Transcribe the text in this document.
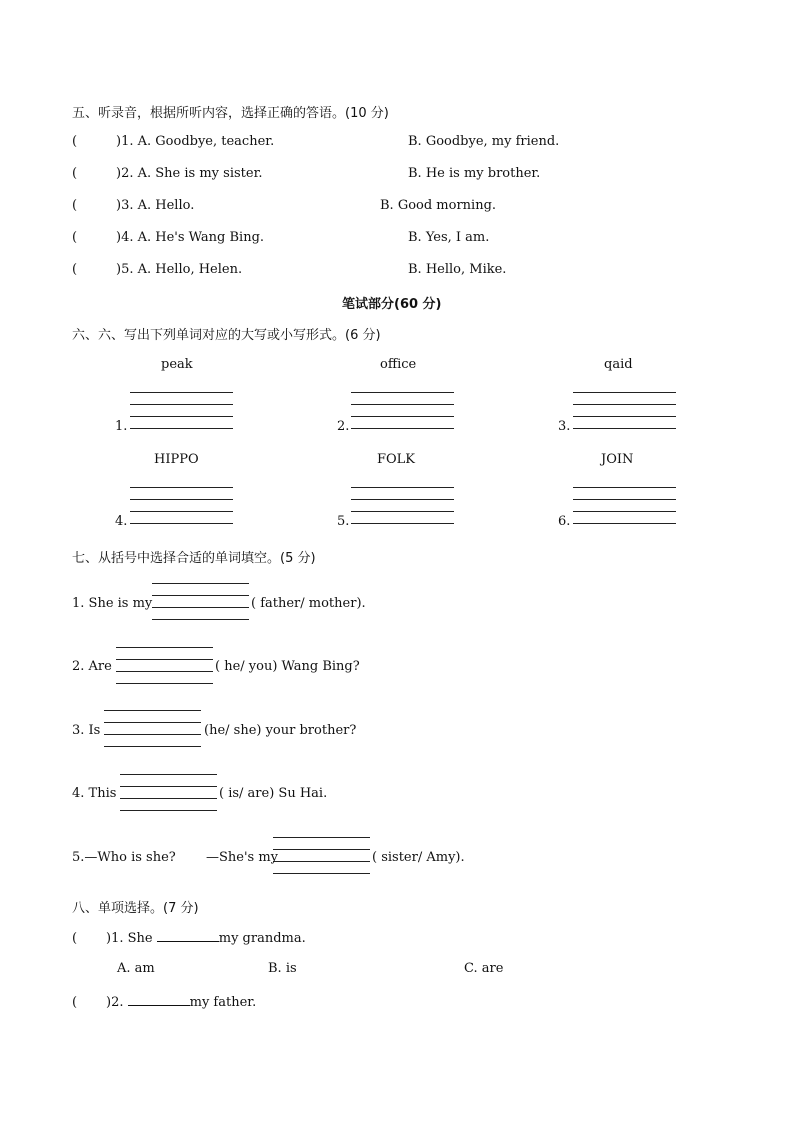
五、听录音，根据所听内容，选择正确的答语。(10 分)
(	)1. A. Goodbye, teacher.	B. Goodbye, my friend.
(	)2. A. She is my sister.	B. He is my brother.
(	)3. A. Hello.	B. Good morning.
(	)4. A. He's Wang Bing.	B. Yes, I am.
(	)5. A. Hello, Helen.	B. Hello, Mike.
笔试部分(60 分)
六、六、写出下列单词对应的大写或小写形式。(6 分)
peak	office	qaid
1.	2.	3.
HIPPO	FOLK	JOIN
4.	5.	6.
七、从括号中选择合适的单词填空。(5 分)
1. She is my	( father/ mother).
2. Are	( he/ you) Wang Bing?
3. Is	(he/ she) your brother?
4. This	( is/ are) Su Hai.
5.—Who is she? —She's my	( sister/ Amy).
八、单项选择。(7 分)
( )1. She	my grandma.
A. am	B. is	C. are
( )2.	my father.
